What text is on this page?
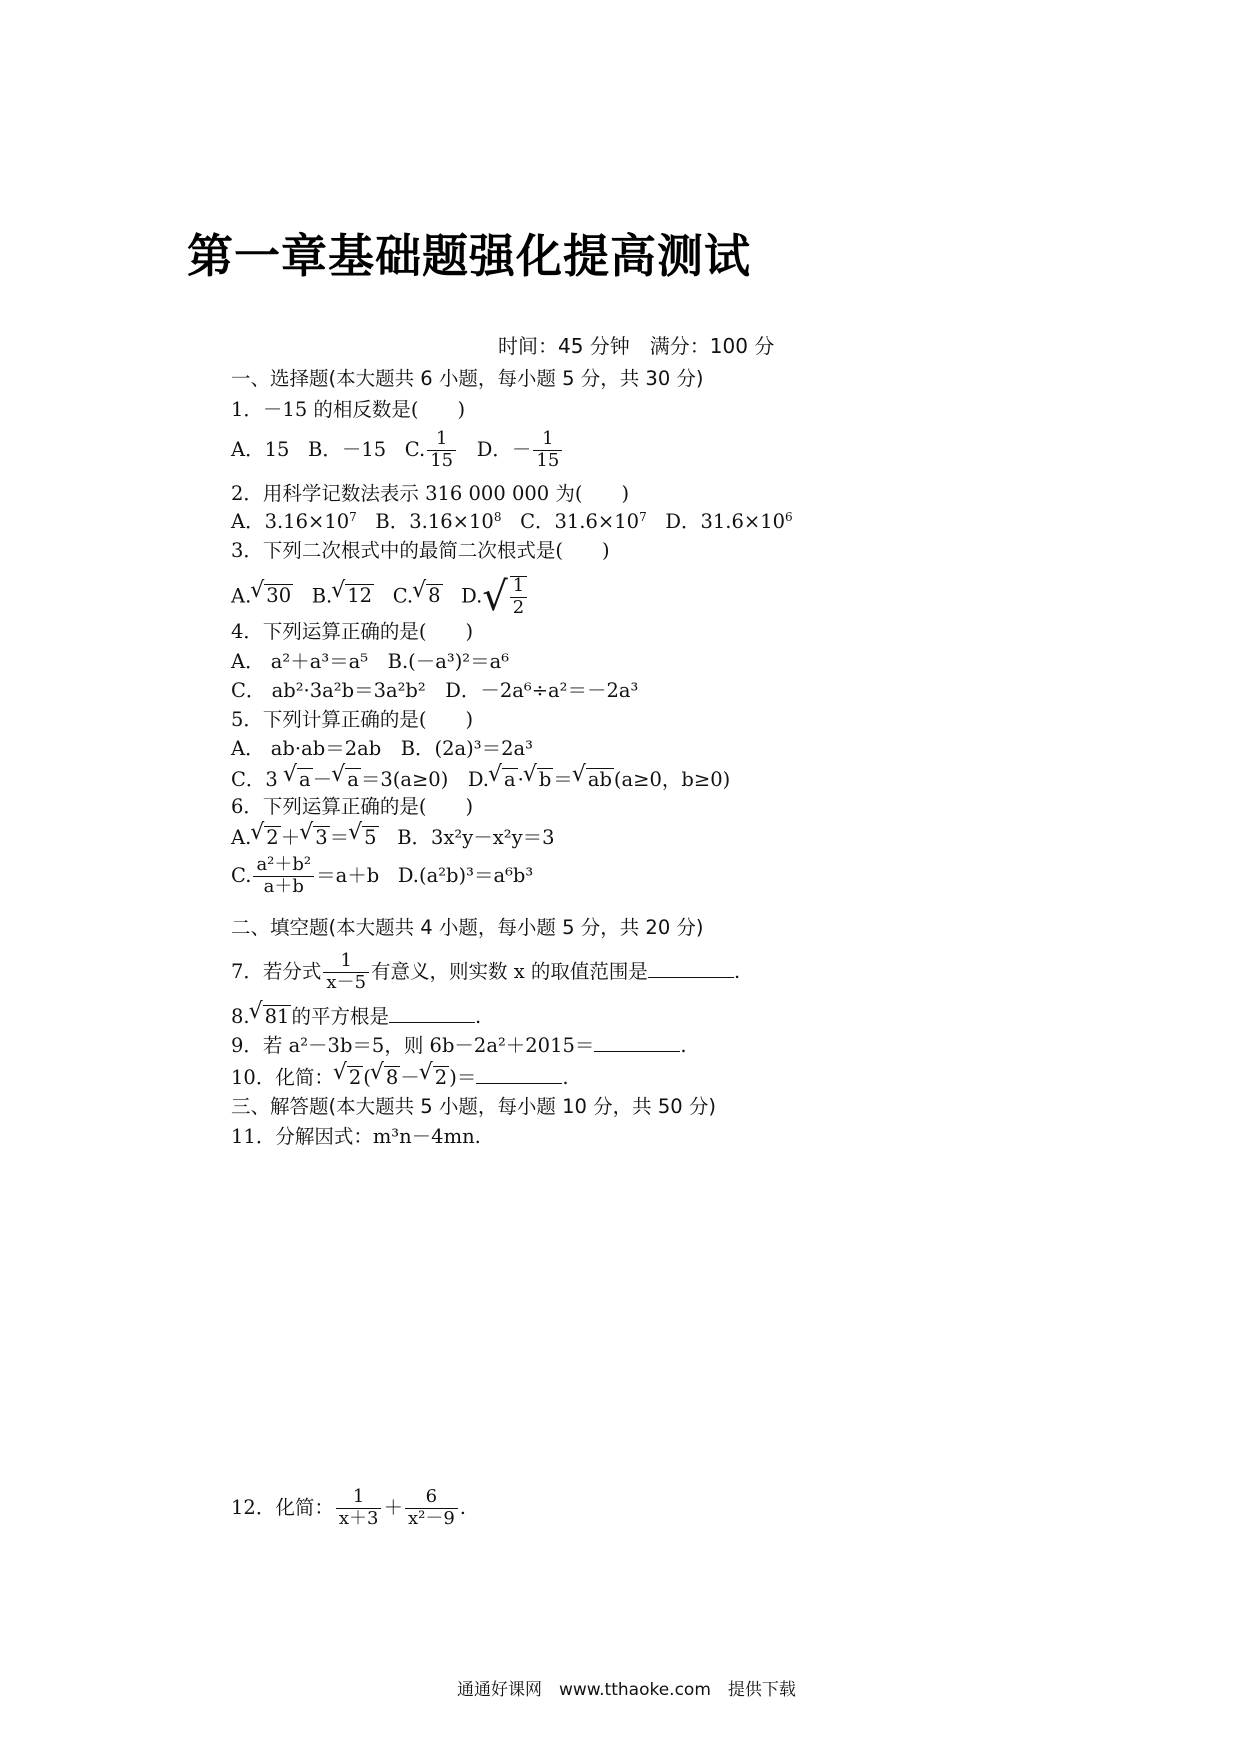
第一章基础题强化提高测试
时间：45 分钟　满分：100 分
一、选择题(本大题共 6 小题，每小题 5 分，共 30 分)
1．－15 的相反数是(　　)
A．15 B．－15 C. $\frac{1}{15}$ D．－ $\frac{1}{15}$
2．用科学记数法表示 316 000 000 为(　　)
A．$3.16\times 10^7$ B．$3.16\times 10^8$ C．$31.6\times 10^7$ D．$31.6\times 10^6$
3．下列二次根式中的最简二次根式是(　　)
A. √ 30 B. √ 12 C. √ 8 $D.√ \frac{1}{2}$
4．下列运算正确的是(　　)
A． a²＋a³＝a⁵　B.(－a³)²＝a⁶
C． ab²·3a²b＝3a²b²　D．－2a⁶÷a²＝－2a³
5．下列计算正确的是(　　)
A． ab·ab＝2ab　B．(2a)³＝2a³
C．3 √ a － √ a ＝3(a≥0)　D. √ a · √ b ＝ √ ab (a≥0，b≥0)
6．下列运算正确的是(　　)
A. √ 2 ＋ √ 3 ＝ √ 5 B．3x²y－x²y＝3
C. $\frac{\text{a²＋b²}}{a+b} =a+b$ D.(a²b)³＝a⁶b³
二、填空题(本大题共 4 小题，每小题 5 分，共 20 分)
7．若分式 $\frac{1}{x-5}$ 有意义，则实数 x 的取值范围是	.
8. √ 81 的平方根是	.
9．若 a²－3b＝5，则 6b－2a²＋2015＝	.
10．化简： √ 2 ( √ 8 － √ 2 )＝	.
三、解答题(本大题共 5 小题，每小题 10 分，共 50 分)
11．分解因式：m³n－4mn.
12．化简： $\frac{1}{x+3} + \frac{6}{\text{x²－9}}$ .
通通好课网　www.tthaoke.com　提供下载
